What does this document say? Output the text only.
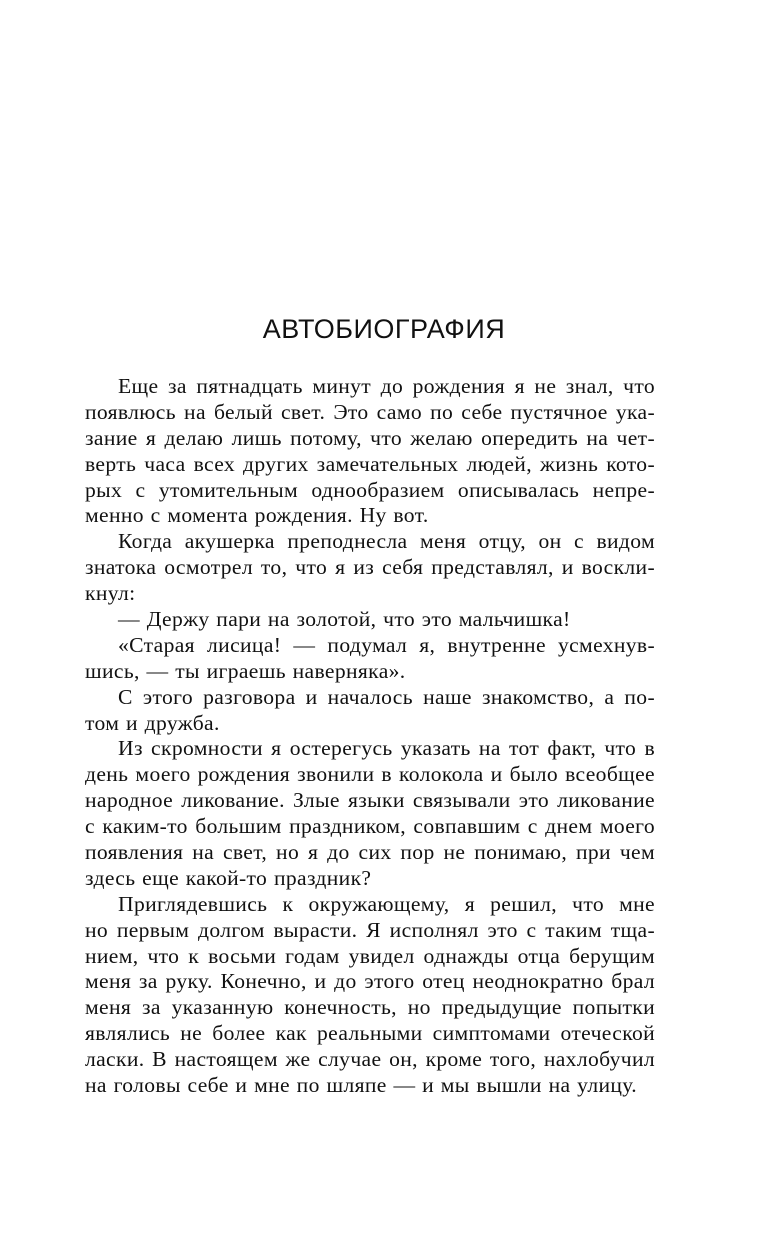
АВТОБИОГРАФИЯ
Еще за пятнадцать минут до рождения я не знал, что
появлюсь на белый свет. Это само по себе пустячное ука-
зание я делаю лишь потому, что желаю опередить на чет-
верть часа всех других замечательных людей, жизнь кото-
рых с утомительным однообразием описывалась непре-
менно с момента рождения. Ну вот.
Когда акушерка преподнесла меня отцу, он с видом
знатока осмотрел то, что я из себя представлял, и воскли-
кнул:
— Держу пари на золотой, что это мальчишка!
«Старая лисица! — подумал я, внутренне усмехнув-
шись, — ты играешь наверняка».
С этого разговора и началось наше знакомство, а по-
том и дружба.
Из скромности я остерегусь указать на тот факт, что в
день моего рождения звонили в колокола и было всеобщее
народное ликование. Злые языки связывали это ликование
с каким-то большим праздником, совпавшим с днем моего
появления на свет, но я до сих пор не понимаю, при чем
здесь еще какой-то праздник?
Приглядевшись к окружающему, я решил, что мне
но первым долгом вырасти. Я исполнял это с таким тща-
нием, что к восьми годам увидел однажды отца берущим
меня за руку. Конечно, и до этого отец неоднократно брал
меня за указанную конечность, но предыдущие попытки
являлись не более как реальными симптомами отеческой
ласки. В настоящем же случае он, кроме того, нахлобучил
на головы себе и мне по шляпе — и мы вышли на улицу.
